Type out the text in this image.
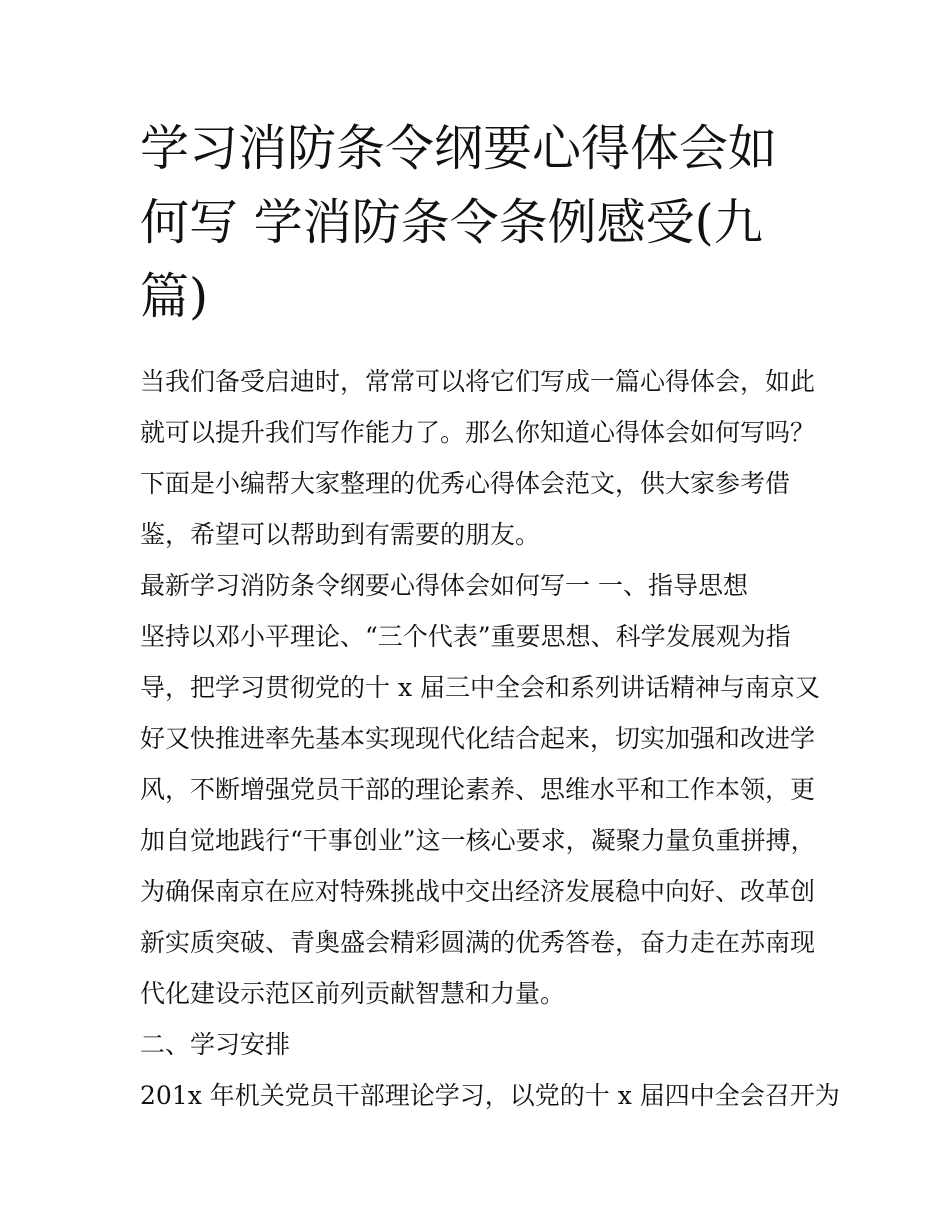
学习消防条令纲要心得体会如何写 学消防条令条例感受(九篇)
当我们备受启迪时，常常可以将它们写成一篇心得体会，如此
就可以提升我们写作能力了。那么你知道心得体会如何写吗？
下面是小编帮大家整理的优秀心得体会范文，供大家参考借
鉴，希望可以帮助到有需要的朋友。
最新学习消防条令纲要心得体会如何写一 一、指导思想
坚持以邓小平理论、“三个代表”重要思想、科学发展观为指
导，把学习贯彻党的十 x 届三中全会和系列讲话精神与南京又
好又快推进率先基本实现现代化结合起来，切实加强和改进学
风，不断增强党员干部的理论素养、思维水平和工作本领，更
加自觉地践行“干事创业”这一核心要求，凝聚力量负重拼搏，
为确保南京在应对特殊挑战中交出经济发展稳中向好、改革创
新实质突破、青奥盛会精彩圆满的优秀答卷，奋力走在苏南现
代化建设示范区前列贡献智慧和力量。
二、学习安排
201x 年机关党员干部理论学习，以党的十 x 届四中全会召开为
